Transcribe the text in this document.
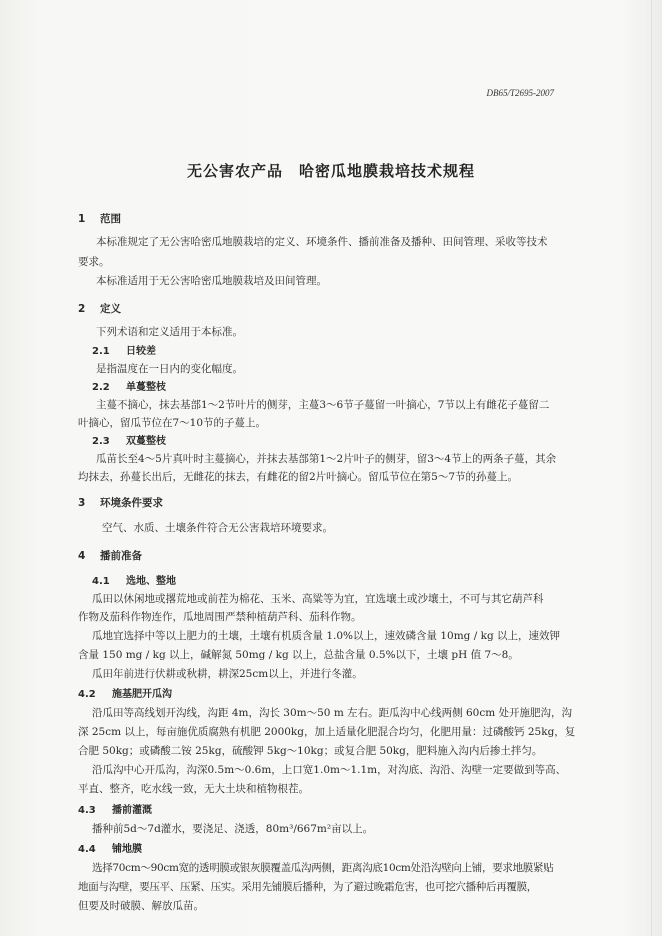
DB65/T2695-2007
无公害农产品　哈密瓜地膜栽培技术规程
1 范围
本标准规定了无公害哈密瓜地膜栽培的定义、环境条件、播前准备及播种、田间管理、采收等技术
要求。
本标准适用于无公害哈密瓜地膜栽培及田间管理。
2 定义
下列术语和定义适用于本标准。
2.1 日较差
是指温度在一日内的变化幅度。
2.2 单蔓整枝
主蔓不摘心，抹去基部1～2节叶片的侧芽，主蔓3～6节子蔓留一叶摘心，7节以上有雌花子蔓留二
叶摘心，留瓜节位在7～10节的子蔓上。
2.3 双蔓整枝
瓜苗长至4～5片真叶时主蔓摘心，并抹去基部第1～2片叶子的侧芽，留3～4节上的两条子蔓，其余
均抹去，孙蔓长出后，无雌花的抹去，有雌花的留2片叶摘心。留瓜节位在第5～7节的孙蔓上。
3 环境条件要求
空气、水质、土壤条件符合无公害栽培环境要求。
4 播前准备
4.1 选地、整地
瓜田以休闲地或撂荒地或前茬为棉花、玉米、高粱等为宜，宜选壤土或沙壤土，不可与其它葫芦科
作物及茄科作物连作，瓜地周围严禁种植葫芦科、茄科作物。
瓜地宜选择中等以上肥力的土壤，土壤有机质含量 1.0%以上，速效磷含量 10mg / kg 以上，速效钾
含量 150 mg / kg 以上，碱解氮 50mg / kg 以上，总盐含量 0.5%以下，土壤 pH 值 7～8。
瓜田年前进行伏耕或秋耕，耕深25cm以上，并进行冬灌。
4.2 施基肥开瓜沟
沿瓜田等高线划开沟线，沟距 4m，沟长 30m～50 m 左右。距瓜沟中心线两侧 60cm 处开施肥沟，沟
深 25cm 以上，每亩施优质腐熟有机肥 2000kg，加上适量化肥混合均匀，化肥用量：过磷酸钙 25kg，复
合肥 50kg；或磷酸二铵 25kg，硫酸钾 5kg～10kg；或复合肥 50kg，肥料施入沟内后掺土拌匀。
沿瓜沟中心开瓜沟，沟深0.5m～0.6m，上口宽1.0m～1.1m，对沟底、沟沿、沟壁一定要做到等高、
平直、整齐，吃水线一致，无大土块和植物根茬。
4.3 播前灌溉
播种前5d～7d灌水，要浇足、浇透，80m³/667m²亩以上。
4.4 铺地膜
选择70cm～90cm宽的透明膜或银灰膜覆盖瓜沟两侧，距离沟底10cm处沿沟壁向上铺，要求地膜紧贴
地面与沟壁，要压平、压紧、压实。采用先铺膜后播种，为了避过晚霜危害，也可挖穴播种后再覆膜，
但要及时破膜、解放瓜苗。
